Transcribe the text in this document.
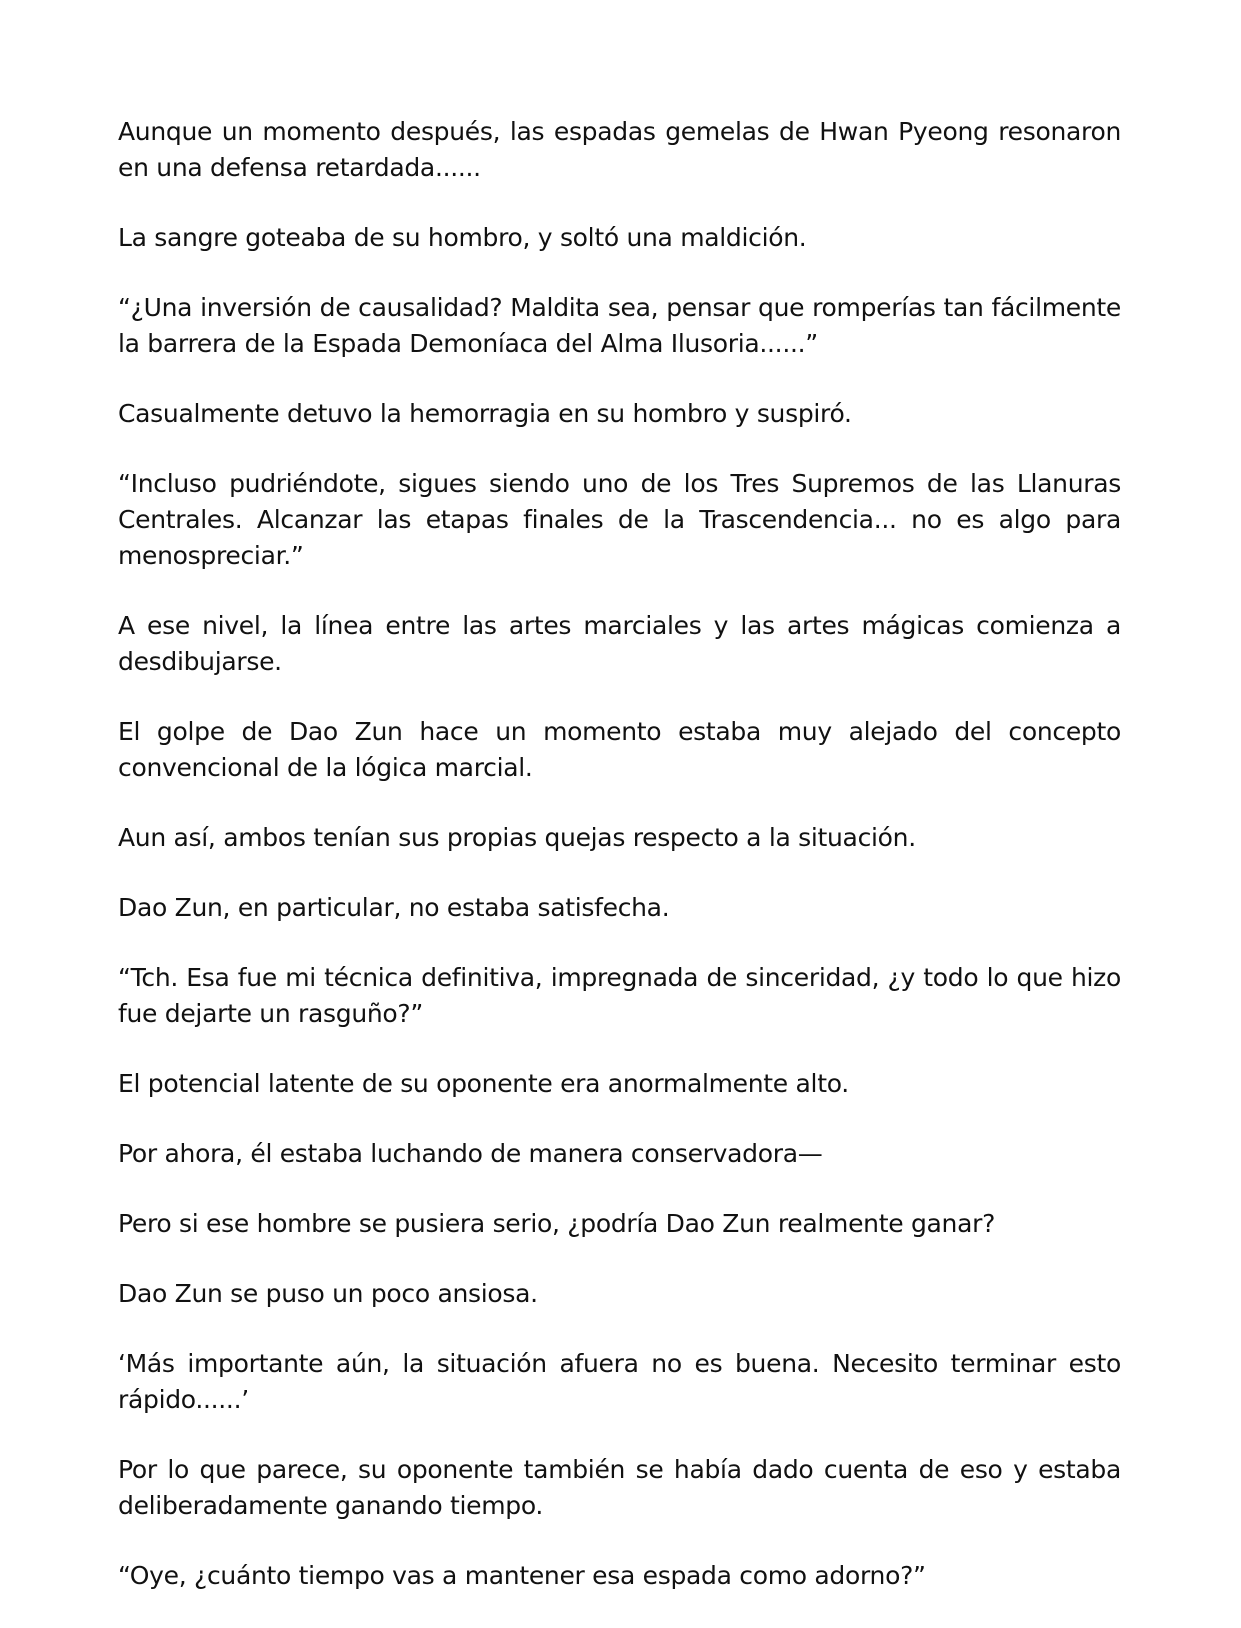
Aunque un momento después, las espadas gemelas de Hwan Pyeong resonaron en una defensa retardada......

La sangre goteaba de su hombro, y soltó una maldición.

“¿Una inversión de causalidad? Maldita sea, pensar que romperías tan fácilmente la barrera de la Espada Demoníaca del Alma Ilusoria......”

Casualmente detuvo la hemorragia en su hombro y suspiró.

“Incluso pudriéndote, sigues siendo uno de los Tres Supremos de las Llanuras Centrales. Alcanzar las etapas finales de la Trascendencia... no es algo para menospreciar.”

A ese nivel, la línea entre las artes marciales y las artes mágicas comienza a desdibujarse.

El golpe de Dao Zun hace un momento estaba muy alejado del concepto convencional de la lógica marcial.

Aun así, ambos tenían sus propias quejas respecto a la situación.

Dao Zun, en particular, no estaba satisfecha.

“Tch. Esa fue mi técnica definitiva, impregnada de sinceridad, ¿y todo lo que hizo fue dejarte un rasguño?”

El potencial latente de su oponente era anormalmente alto.

Por ahora, él estaba luchando de manera conservadora—

Pero si ese hombre se pusiera serio, ¿podría Dao Zun realmente ganar?

Dao Zun se puso un poco ansiosa.

‘Más importante aún, la situación afuera no es buena. Necesito terminar esto rápido......’

Por lo que parece, su oponente también se había dado cuenta de eso y estaba deliberadamente ganando tiempo.

“Oye, ¿cuánto tiempo vas a mantener esa espada como adorno?”
